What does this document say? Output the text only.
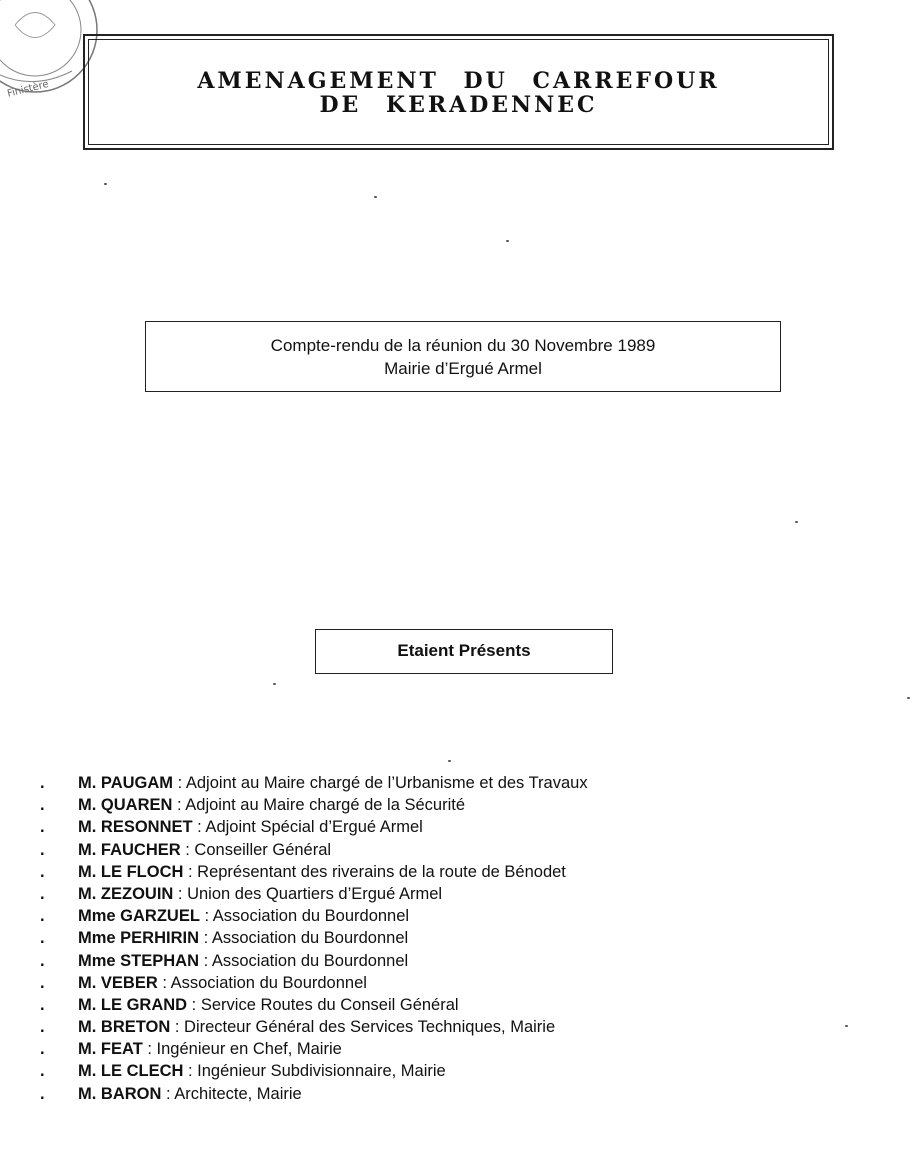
Finistère	AMENAGEMENT DU CARREFOUR
DE KERADENNEC
Compte-rendu de la réunion du 30 Novembre 1989
Mairie d’Ergué Armel
Etaient Présents
. M. PAUGAM : Adjoint au Maire chargé de l’Urbanisme et des Travaux
. M. QUAREN : Adjoint au Maire chargé de la Sécurité
. M. RESONNET : Adjoint Spécial d’Ergué Armel
. M. FAUCHER : Conseiller Général
. M. LE FLOCH : Représentant des riverains de la route de Bénodet
. M. ZEZOUIN : Union des Quartiers d’Ergué Armel
. Mme GARZUEL : Association du Bourdonnel
. Mme PERHIRIN : Association du Bourdonnel
. Mme STEPHAN : Association du Bourdonnel
. M. VEBER : Association du Bourdonnel
. M. LE GRAND : Service Routes du Conseil Général
. M. BRETON : Directeur Général des Services Techniques, Mairie
. M. FEAT : Ingénieur en Chef, Mairie
. M. LE CLECH : Ingénieur Subdivisionnaire, Mairie
. M. BARON : Architecte, Mairie
